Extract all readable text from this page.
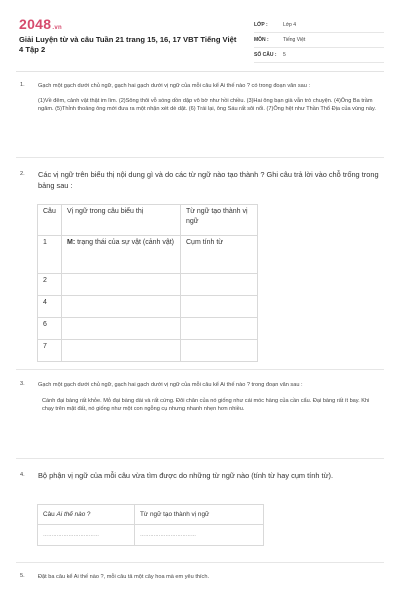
2048.vn
Giải Luyện từ và câu Tuần 21 trang 15, 16, 17 VBT Tiếng Việt 4 Tập 2
LỚP :	Lớp 4
MÔN :	Tiếng Việt
SỐ CÂU :	5
1. Gạch một gạch dưới chủ ngữ, gạch hai gạch dưới vị ngữ của mỗi câu kể Ai thế nào ? có trong đoạn văn sau :
(1)Về đêm, cảnh vật thật im lìm. (2)Sông thôi vỗ sóng dồn dập vô bờ như hồi chiều. (3)Hai ông bạn già vẫn trò chuyện. (4)Ông Ba trầm ngâm. (5)Thỉnh thoảng ông mới đưa ra một nhận xét dè dặt. (6) Trái lại, ông Sáu rất sôi nổi. (7)Ông hệt như Thần Thổ Địa của vùng này.
2. Các vị ngữ trên biểu thị nội dung gì và do các từ ngữ nào tạo thành ? Ghi câu trả lời vào chỗ trống trong bảng sau :
Câu	Vị ngữ trong câu biểu thị	Từ ngữ tạo thành vị ngữ
1	M: trạng thái của sự vật (cảnh vật)	Cụm tính từ
2		
4		
6		
7		
3. Gạch một gạch dưới chủ ngữ, gạch hai gạch dưới vị ngữ của mỗi câu kể Ai thế nào ? trong đoạn văn sau :
Cánh đại bàng rất khỏe. Mỏ đại bàng dài và rất cứng. Đôi chân của nó giống như cái móc hàng của cần cẩu. Đại bàng rất ít bay. Khi chạy trên mặt đất, nó giống như một con ngỗng cụ nhưng nhanh nhẹn hơn nhiều.
4. Bộ phận vị ngữ của mỗi câu vừa tìm được do những từ ngữ nào (tính từ hay cụm tính từ).
Câu Ai thế nào ?	Từ ngữ tạo thành vị ngữ
……………………………	……………………………
5. Đặt ba câu kể Ai thế nào ?, mỗi câu tả một cây hoa mà em yêu thích.
